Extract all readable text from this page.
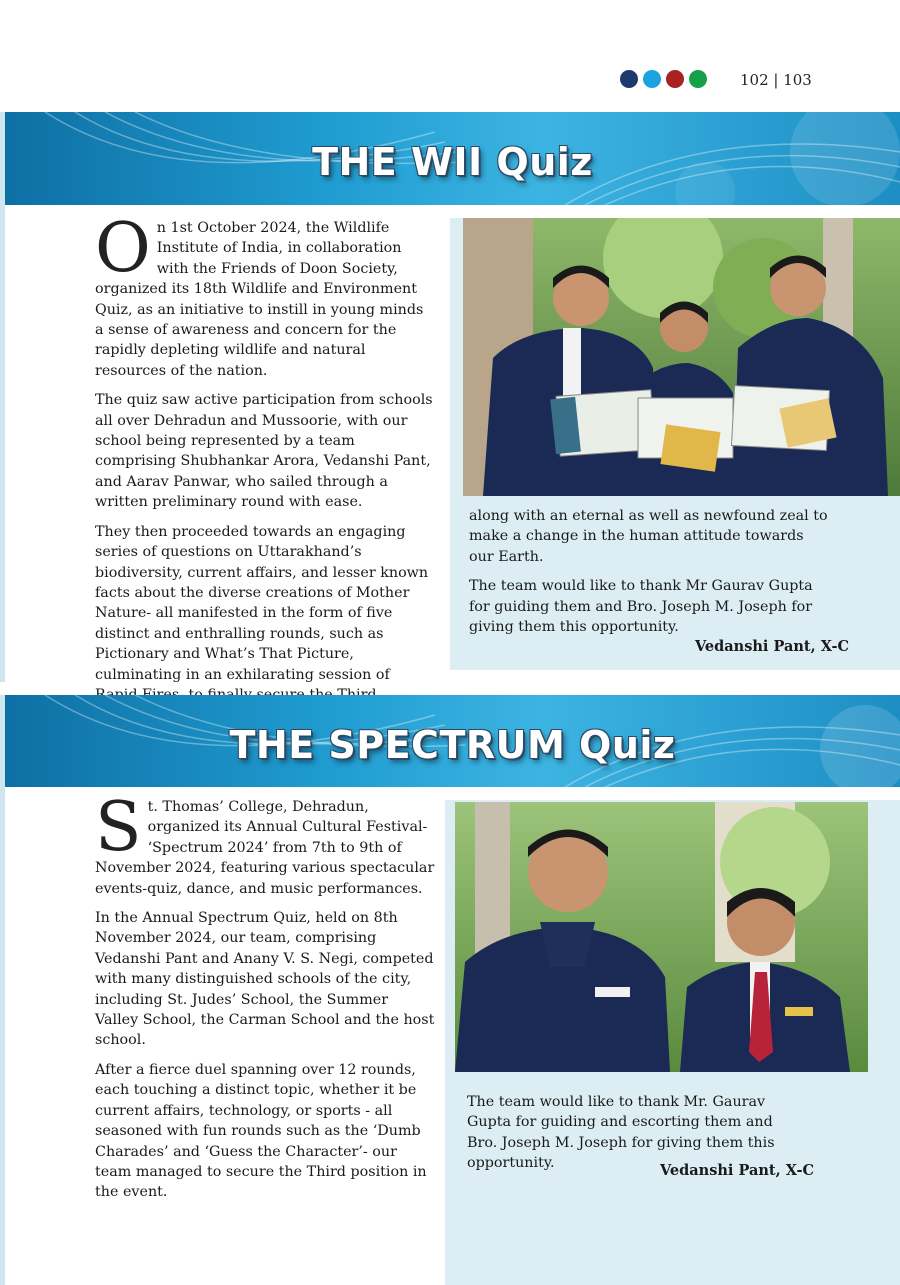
102 | 103
THE WII Quiz

On 1st October 2024, the Wildlife Institute of India, in collaboration with the Friends of Doon Society, organized its 18th Wildlife and Environment Quiz, as an initiative to instill in young minds a sense of awareness and concern for the rapidly depleting wildlife and natural resources of the nation.

The quiz saw active participation from schools all over Dehradun and Mussoorie, with our school being represented by a team comprising Shubhankar Arora, Vedanshi Pant, and Aarav Panwar, who sailed through a written preliminary round with ease.

They then proceeded towards an engaging series of questions on Uttarakhand’s biodiversity, current affairs, and lesser known facts about the diverse creations of Mother Nature- all manifested in the form of five distinct and enthralling rounds, such as Pictionary and What’s That Picture, culminating in an exhilarating session of

along with an eternal as well as newfound zeal to make a change in the human attitude towards our Earth.

The team would like to thank Mr Gaurav Gupta for guiding them and Bro. Joseph M. Joseph for giving them this opportunity.

Vedanshi Pant, X-C
THE SPECTRUM Quiz

St. Thomas’ College, Dehradun, organized its Annual Cultural Festival- ‘Spectrum 2024’ from 7th to 9th of November 2024, featuring various spectacular events-quiz, dance, and music performances.

In the Annual Spectrum Quiz, held on 8th November 2024, our team, comprising Vedanshi Pant and Anany V. S. Negi, competed with many distinguished schools of the city, including St. Judes’ School, the Summer Valley School, the Carman School and the host school.

After a fierce duel spanning over 12 rounds, each touching a distinct topic, whether it be current affairs, technology, or sports - all seasoned with fun rounds such as the ‘Dumb Charades’ and ‘Guess the Character’- our team managed to secure the Third position in the event.

The team would like to thank Mr. Gaurav Gupta for guiding and escorting them and Bro. Joseph M. Joseph for giving them this opportunity.	Vedanshi Pant, X-C
